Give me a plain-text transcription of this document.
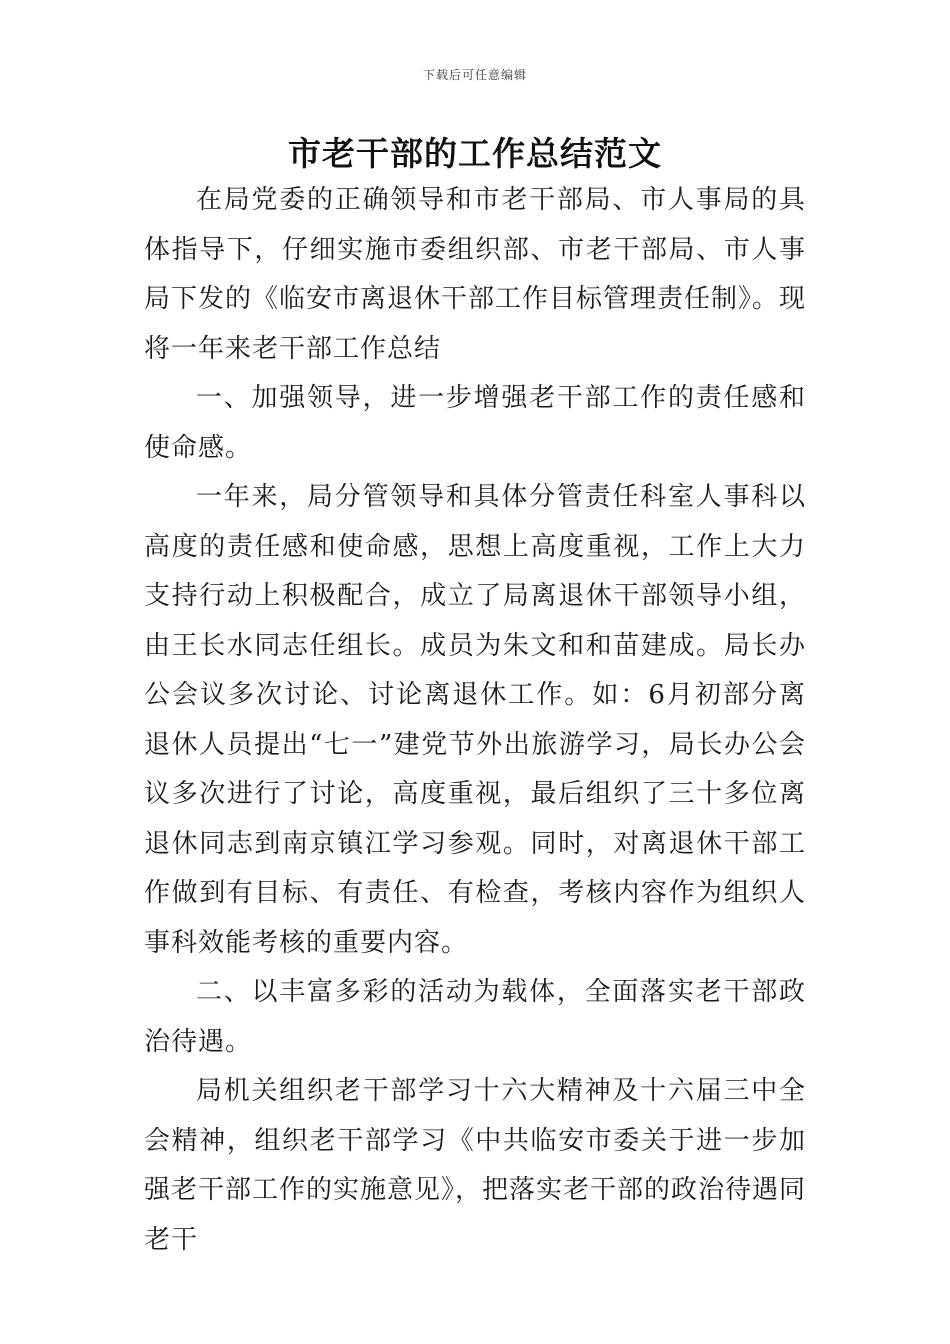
下载后可任意编辑
市老干部的工作总结范文

在局党委的正确领导和市老干部局、市人事局的具体指导下，仔细实施市委组织部、市老干部局、市人事局下发的《临安市离退休干部工作目标管理责任制》。现将一年来老干部工作总结

一、加强领导，进一步增强老干部工作的责任感和使命感。

一年来，局分管领导和具体分管责任科室人事科以高度的责任感和使命感，思想上高度重视，工作上大力支持行动上积极配合，成立了局离退休干部领导小组，由王长水同志任组长。成员为朱文和和苗建成。局长办公会议多次讨论、讨论离退休工作。如：6月初部分离退休人员提出“七一”建党节外出旅游学习，局长办公会议多次进行了讨论，高度重视，最后组织了三十多位离退休同志到南京镇江学习参观。同时，对离退休干部工作做到有目标、有责任、有检查，考核内容作为组织人事科效能考核的重要内容。

二、以丰富多彩的活动为载体，全面落实老干部政治待遇。

局机关组织老干部学习十六大精神及十六届三中全会精神，组织老干部学习《中共临安市委关于进一步加强老干部工作的实施意见》，把落实老干部的政治待遇同老干
